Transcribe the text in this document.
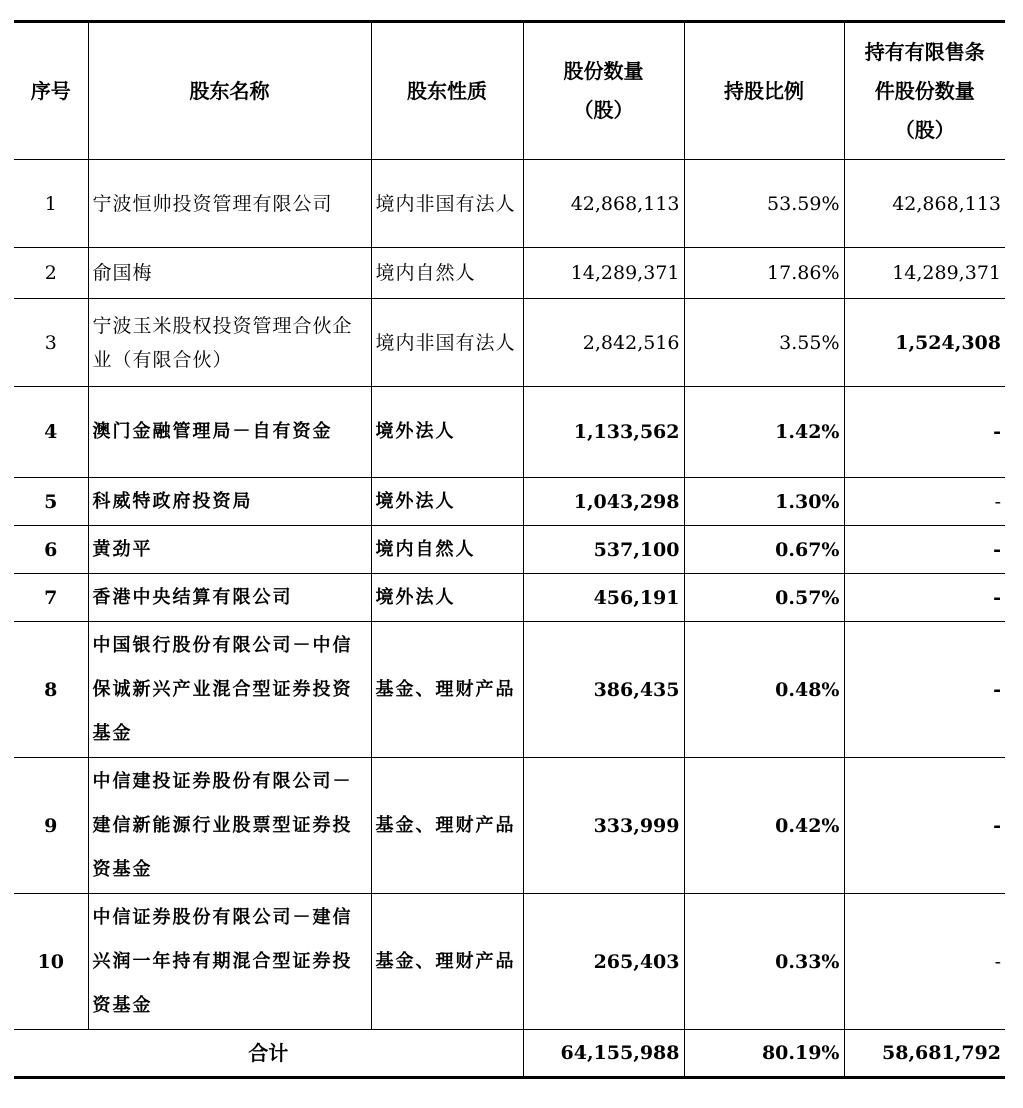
序号	股东名称	股东性质	股份数量（股）	持股比例	持有有限售条件股份数量（股）
1	宁波恒帅投资管理有限公司	境内非国有法人	42,868,113	53.59%	42,868,113
2	俞国梅	境内自然人	14,289,371	17.86%	14,289,371
3	宁波玉米股权投资管理合伙企业（有限合伙）	境内非国有法人	2,842,516	3.55%	1,524,308
4	澳门金融管理局－自有资金	境外法人	1,133,562	1.42%	-
5	科威特政府投资局	境外法人	1,043,298	1.30%	-
6	黄劲平	境内自然人	537,100	0.67%	-
7	香港中央结算有限公司	境外法人	456,191	0.57%	-
8	中国银行股份有限公司－中信保诚新兴产业混合型证券投资基金	基金、理财产品	386,435	0.48%	-
9	中信建投证券股份有限公司－建信新能源行业股票型证券投资基金	基金、理财产品	333,999	0.42%	-
10	中信证券股份有限公司－建信兴润一年持有期混合型证券投资基金	基金、理财产品	265,403	0.33%	-
合计			64,155,988	80.19%	58,681,792
